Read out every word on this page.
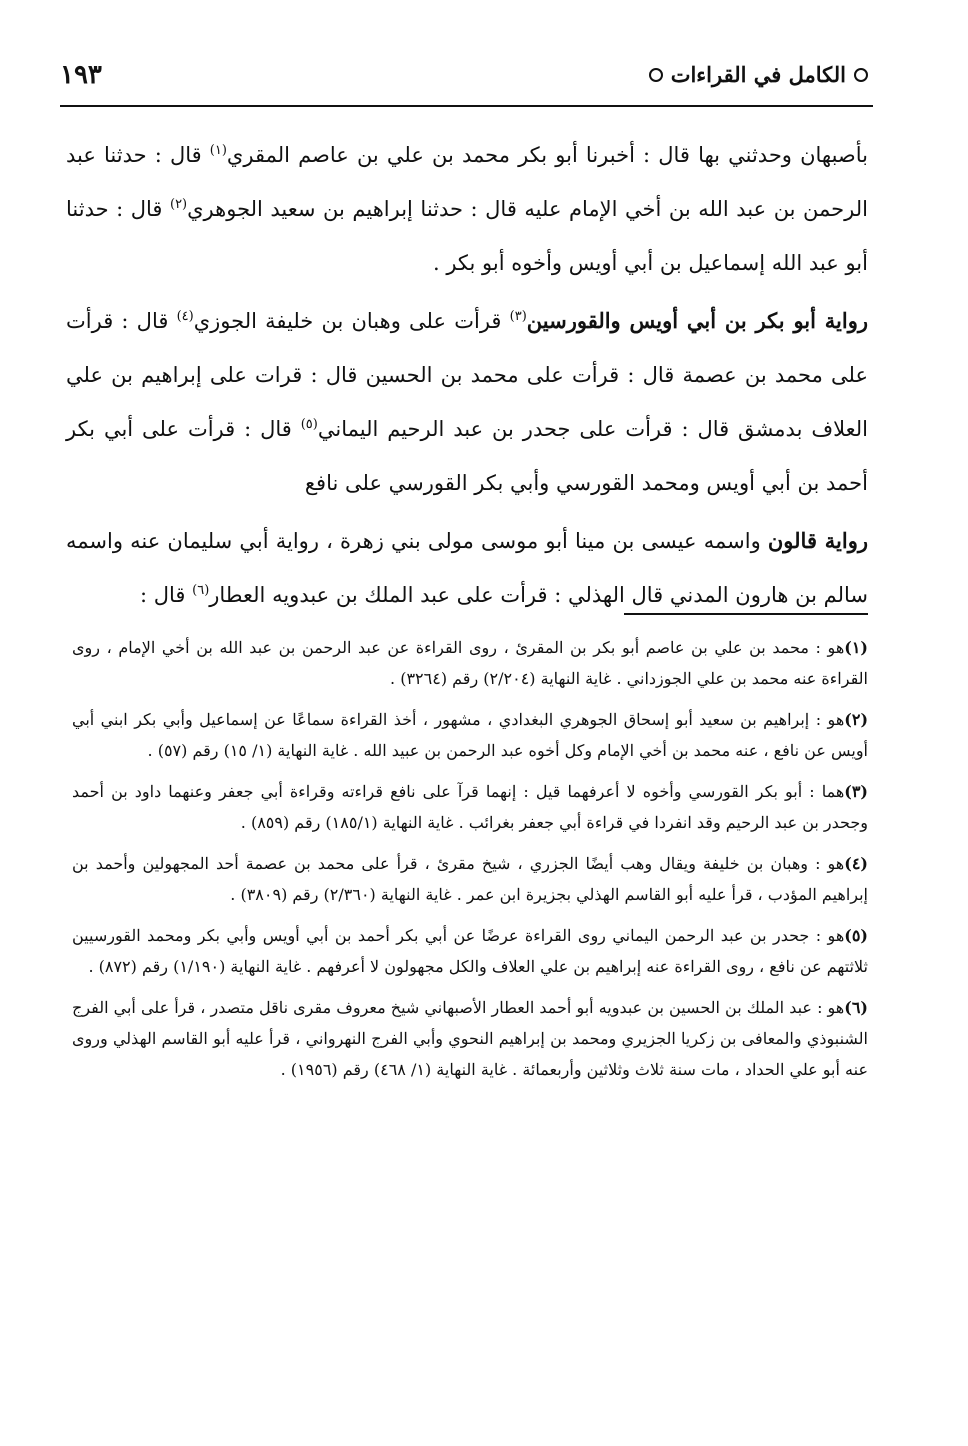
الكامل في القراءات
١٩٣

بأصبهان وحدثني بها قال : أخبرنا أبو بكر محمد بن علي بن عاصم المقري$^{(١)}$ قال : حدثنا عبد الرحمن بن عبد الله بن أخي الإمام عليه قال : حدثنا إبراهيم بن سعيد الجوهري$^{(٢)}$ قال : حدثنا أبو عبد الله إسماعيل بن أبي أويس وأخوه أبو بكر .

رواية أبو بكر بن أبي أويس والقورسين$^{(٣)}$ قرأت على وهبان بن خليفة الجوزي$^{(٤)}$ قال : قرأت على محمد بن عصمة قال : قرأت على محمد بن الحسين قال : قرات على إبراهيم بن علي العلاف بدمشق قال : قرأت على جحدر بن عبد الرحيم اليماني$^{(٥)}$ قال : قرأت على أبي بكر أحمد بن أبي أويس ومحمد القورسي وأبي بكر القورسي على نافع

رواية قالون واسمه عيسى بن مينا أبو موسى مولى بني زهرة ، رواية أبي سليمان عنه واسمه سالم بن هارون المدني قال الهذلي : قرأت على عبد الملك بن عبدويه العطار$^{(٦)}$ قال :

(١)هو : محمد بن علي بن عاصم أبو بكر بن المقرئ ، روى القراءة عن عبد الرحمن بن عبد الله بن أخي الإمام ، روى القراءة عنه محمد بن علي الجوزداني . غاية النهاية (٢/٢٠٤) رقم (٣٢٦٤) .

(٢)هو : إبراهيم بن سعيد أبو إسحاق الجوهري البغدادي ، مشهور ، أخذ القراءة سماعًا عن إسماعيل وأبي بكر ابني أبي أويس عن نافع ، عنه محمد بن أخي الإمام وكل أخوه عبد الرحمن بن عبيد الله . غاية النهاية (١/ ١٥) رقم (٥٧) .

(٣)هما : أبو بكر القورسي وأخوه لا أعرفهما قيل : إنهما قرآ على نافع قراءته وقراءة أبي جعفر وعنهما داود بن أحمد وجحدر بن عبد الرحيم وقد انفردا في قراءة أبي جعفر بغرائب . غاية النهاية (١٨٥/١) رقم (٨٥٩) .

(٤)هو : وهبان بن خليفة ويقال وهب أيضًا الجزري ، شيخ مقرئ ، قرأ على محمد بن عصمة أحد المجهولين وأحمد بن إبراهيم المؤدب ، قرأ عليه أبو القاسم الهذلي بجزيرة ابن عمر . غاية النهاية (٢/٣٦٠) رقم (٣٨٠٩) .

(٥)هو : جحدر بن عبد الرحمن اليماني روى القراءة عرضًا عن أبي بكر أحمد بن أبي أويس وأبي بكر ومحمد القورسيين ثلاثتهم عن نافع ، روى القراءة عنه إبراهيم بن علي العلاف والكل مجهولون لا أعرفهم . غاية النهاية (١/١٩٠) رقم (٨٧٢) .

(٦)هو : عبد الملك بن الحسين بن عبدويه أبو أحمد العطار الأصبهاني شيخ معروف مقرى ناقل متصدر ، قرأ على أبي الفرج الشنبوذي والمعافى بن زكريا الجزيري ومحمد بن إبراهيم النحوي وأبي الفرج النهرواني ، قرأ عليه أبو القاسم الهذلي وروى عنه أبو علي الحداد ، مات سنة ثلاث وثلاثين وأربعمائة . غاية النهاية (١/ ٤٦٨) رقم (١٩٥٦) .
